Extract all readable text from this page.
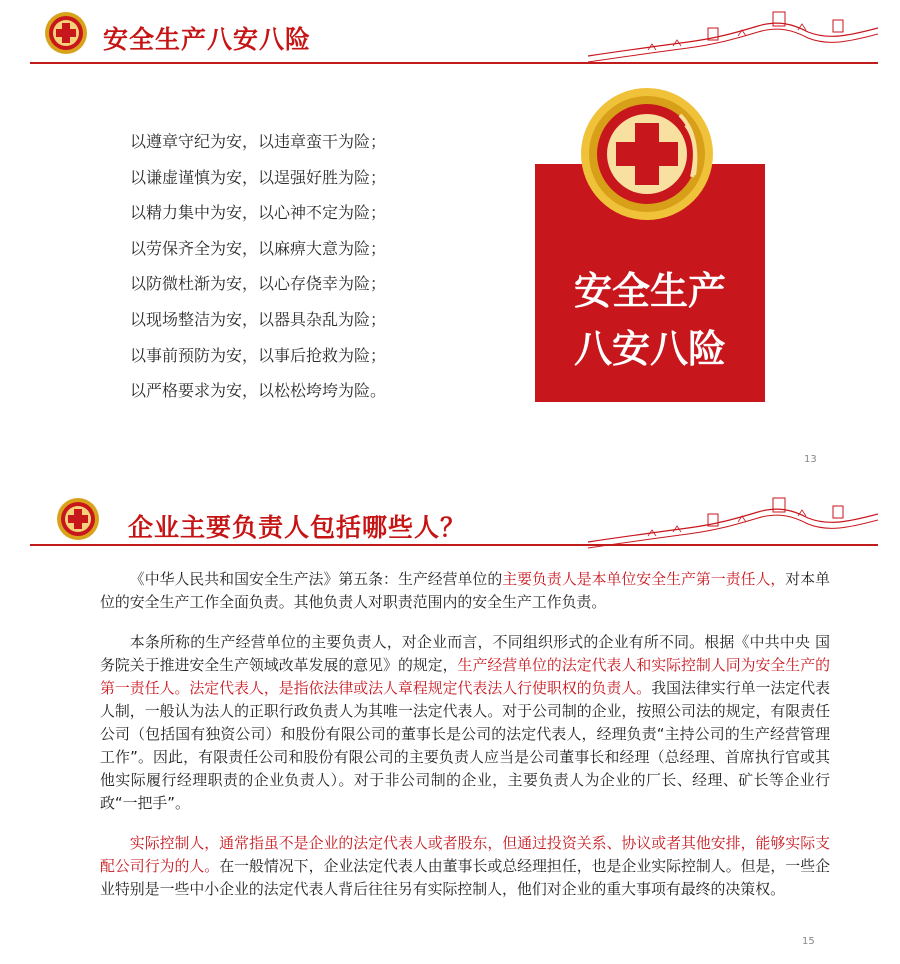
安全生产八安八险
以遵章守纪为安，以违章蛮干为险；
以谦虚谨慎为安，以逞强好胜为险；
以精力集中为安，以心神不定为险；
以劳保齐全为安，以麻痹大意为险；
以防微杜渐为安，以心存侥幸为险；
以现场整洁为安，以器具杂乱为险；
以事前预防为安，以事后抢救为险；
以严格要求为安，以松松垮垮为险。
安全生产
八安八险
13
企业主要负责人包括哪些人？

《中华人民共和国安全生产法》第五条：生产经营单位的主要负责人是本单位安全生产第一责任人，对本单位的安全生产工作全面负责。其他负责人对职责范围内的安全生产工作负责。

本条所称的生产经营单位的主要负责人，对企业而言，不同组织形式的企业有所不同。根据《中共中央 国务院关于推进安全生产领域改革发展的意见》的规定，生产经营单位的法定代表人和实际控制人同为安全生产的第一责任人。法定代表人，是指依法律或法人章程规定代表法人行使职权的负责人。我国法律实行单一法定代表人制，一般认为法人的正职行政负责人为其唯一法定代表人。对于公司制的企业，按照公司法的规定，有限责任公司（包括国有独资公司）和股份有限公司的董事长是公司的法定代表人，经理负责“主持公司的生产经营管理工作”。因此，有限责任公司和股份有限公司的主要负责人应当是公司董事长和经理（总经理、首席执行官或其他实际履行经理职责的企业负责人）。对于非公司制的企业，主要负责人为企业的厂长、经理、矿长等企业行政“一把手”。

实际控制人，通常指虽不是企业的法定代表人或者股东，但通过投资关系、协议或者其他安排，能够实际支配公司行为的人。在一般情况下，企业法定代表人由董事长或总经理担任，也是企业实际控制人。但是，一些企业特别是一些中小企业的法定代表人背后往往另有实际控制人，他们对企业的重大事项有最终的决策权。

15
